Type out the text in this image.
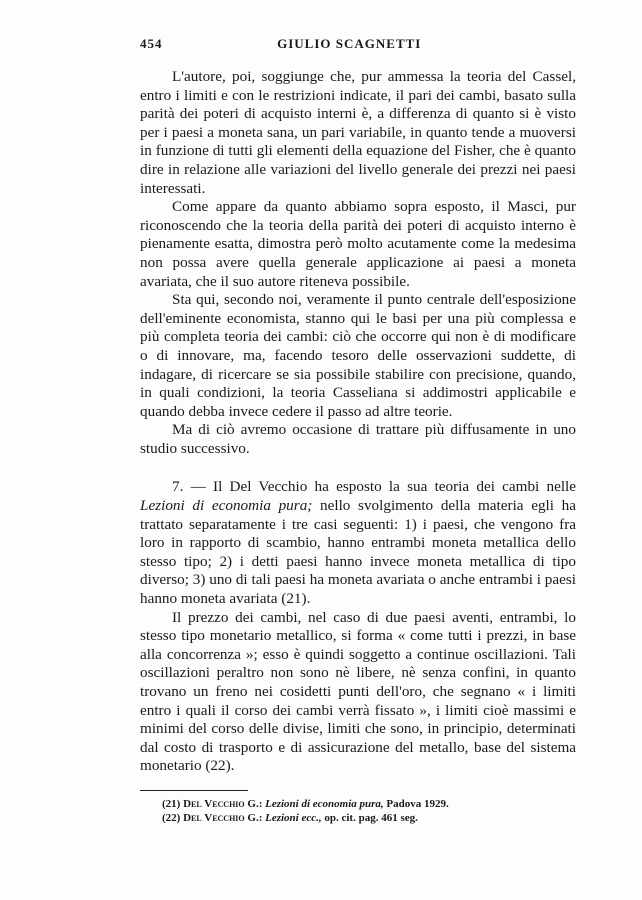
454	GIULIO SCAGNETTI

L'autore, poi, soggiunge che, pur ammessa la teoria del Cassel, entro i limiti e con le restrizioni indicate, il pari dei cambi, basato sulla parità dei poteri di acquisto interni è, a differenza di quanto si è visto per i paesi a moneta sana, un pari variabile, in quanto tende a muoversi in funzione di tutti gli elementi della equazione del Fisher, che è quanto dire in relazione alle variazioni del livello generale dei prezzi nei paesi interessati.

Come appare da quanto abbiamo sopra esposto, il Masci, pur riconoscendo che la teoria della parità dei poteri di acquisto interno è pienamente esatta, dimostra però molto acutamente come la medesima non possa avere quella generale applicazione ai paesi a moneta avariata, che il suo autore riteneva possibile.

Sta qui, secondo noi, veramente il punto centrale dell'esposizione dell'eminente economista, stanno qui le basi per una più complessa e più completa teoria dei cambi: ciò che occorre qui non è di modificare o di innovare, ma, facendo tesoro delle osservazioni suddette, di indagare, di ricercare se sia possibile stabilire con precisione, quando, in quali condizioni, la teoria Casseliana si addimostri applicabile e quando debba invece cedere il passo ad altre teorie.

Ma di ciò avremo occasione di trattare più diffusamente in uno studio successivo.

7. — Il Del Vecchio ha esposto la sua teoria dei cambi nelle Lezioni di economia pura; nello svolgimento della materia egli ha trattato separatamente i tre casi seguenti: 1) i paesi, che vengono fra loro in rapporto di scambio, hanno entrambi moneta metallica dello stesso tipo; 2) i detti paesi hanno invece moneta metallica di tipo diverso; 3) uno di tali paesi ha moneta avariata o anche entrambi i paesi hanno moneta avariata (21).

Il prezzo dei cambi, nel caso di due paesi aventi, entrambi, lo stesso tipo monetario metallico, si forma « come tutti i prezzi, in base alla concorrenza »; esso è quindi soggetto a continue oscillazioni. Tali oscillazioni peraltro non sono nè libere, nè senza confini, in quanto trovano un freno nei cosidetti punti dell'oro, che segnano « i limiti entro i quali il corso dei cambi verrà fissato », i limiti cioè massimi e minimi del corso delle divise, limiti che sono, in principio, determinati dal costo di trasporto e di assicurazione del metallo, base del sistema monetario (22).

(21) Del Vecchio G.: Lezioni di economia pura, Padova 1929.

(22) Del Vecchio G.: Lezioni ecc., op. cit. pag. 461 seg.
